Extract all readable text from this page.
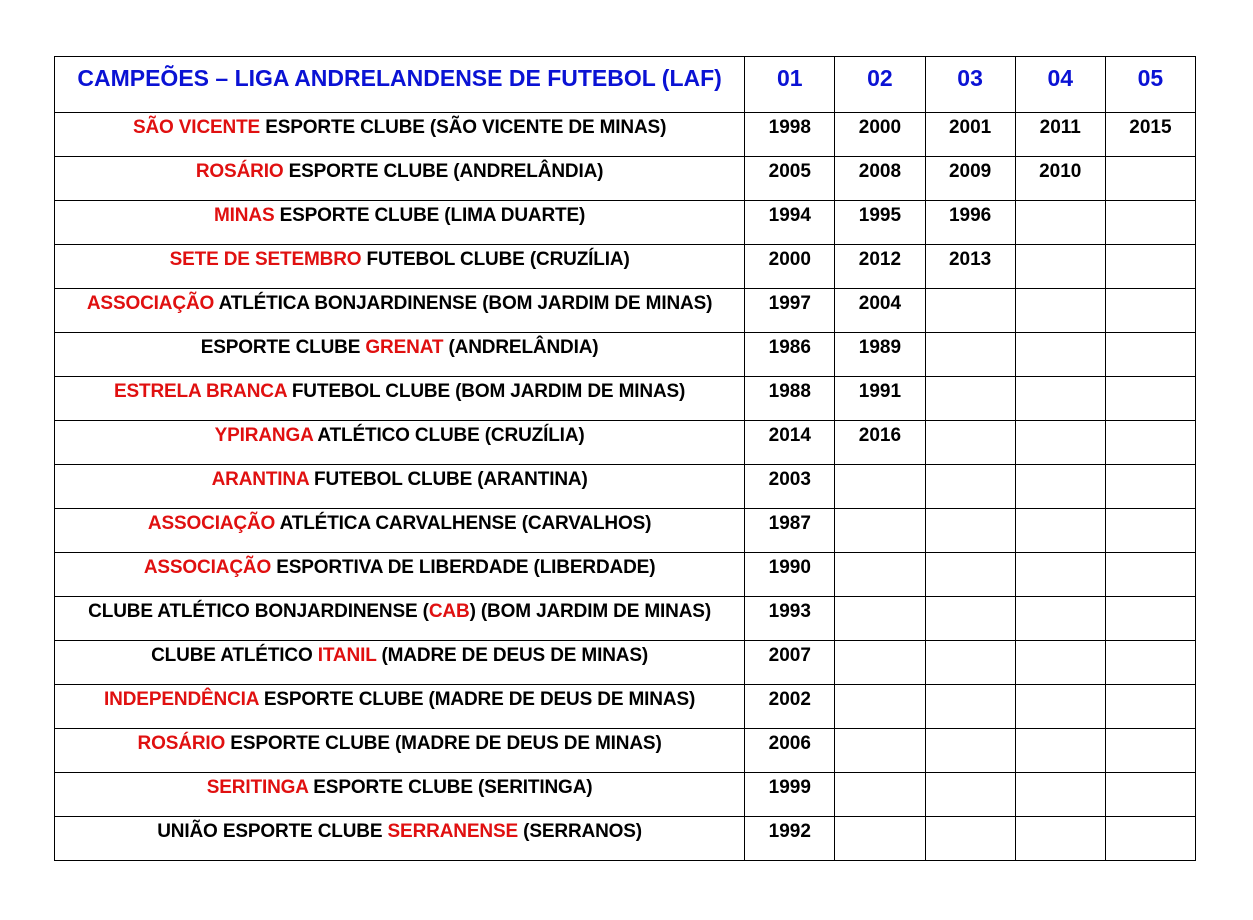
CAMPEÕES – LIGA ANDRELANDENSE DE FUTEBOL (LAF)	01	02	03	04	05
SÃO VICENTE ESPORTE CLUBE (SÃO VICENTE DE MINAS)	1998	2000	2001	2011	2015
ROSÁRIO ESPORTE CLUBE (ANDRELÂNDIA)	2005	2008	2009	2010	
MINAS ESPORTE CLUBE (LIMA DUARTE)	1994	1995	1996		
SETE DE SETEMBRO FUTEBOL CLUBE (CRUZÍLIA)	2000	2012	2013		
ASSOCIAÇÃO ATLÉTICA BONJARDINENSE (BOM JARDIM DE MINAS)	1997	2004			
ESPORTE CLUBE GRENAT (ANDRELÂNDIA)	1986	1989			
ESTRELA BRANCA FUTEBOL CLUBE (BOM JARDIM DE MINAS)	1988	1991			
YPIRANGA ATLÉTICO CLUBE (CRUZÍLIA)	2014	2016			
ARANTINA FUTEBOL CLUBE (ARANTINA)	2003				
ASSOCIAÇÃO ATLÉTICA CARVALHENSE (CARVALHOS)	1987				
ASSOCIAÇÃO ESPORTIVA DE LIBERDADE (LIBERDADE)	1990				
CLUBE ATLÉTICO BONJARDINENSE (CAB) (BOM JARDIM DE MINAS)	1993				
CLUBE ATLÉTICO ITANIL (MADRE DE DEUS DE MINAS)	2007				
INDEPENDÊNCIA ESPORTE CLUBE (MADRE DE DEUS DE MINAS)	2002				
ROSÁRIO ESPORTE CLUBE (MADRE DE DEUS DE MINAS)	2006				
SERITINGA ESPORTE CLUBE (SERITINGA)	1999				
UNIÃO ESPORTE CLUBE SERRANENSE (SERRANOS)	1992				
